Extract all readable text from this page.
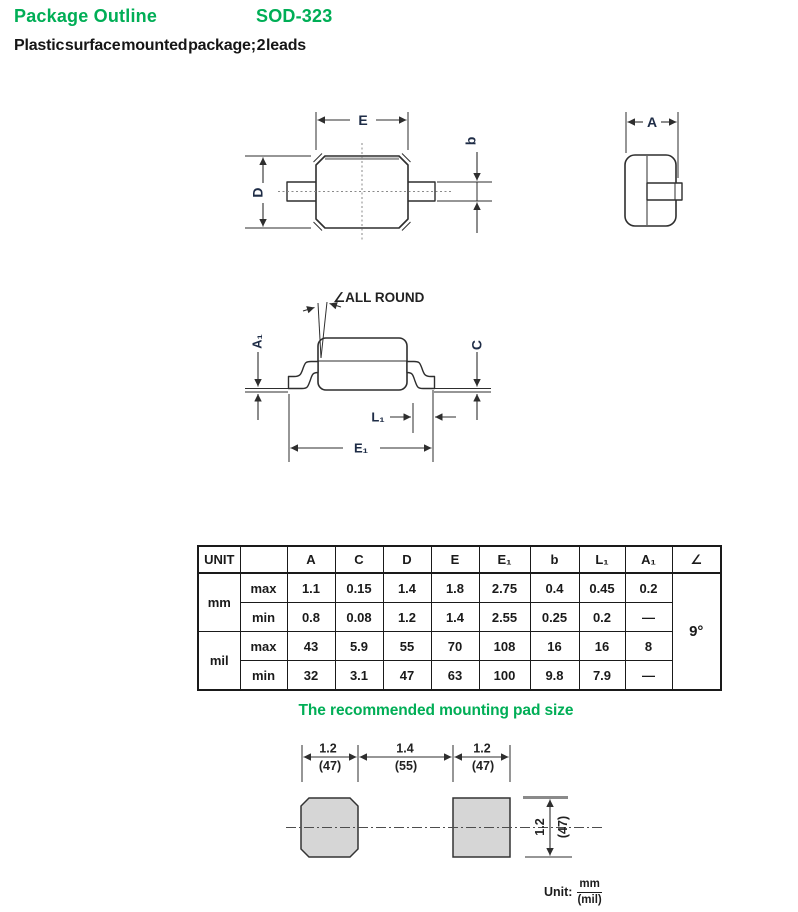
Package Outline	SOD-323
Plastic surface mounted package; 2 leads
E
D
b
A
∠ALL ROUND
A₁	C
L₁
E₁
1.2
(47)
1.4
(55)
1.2
(47)
1.2 (47)
UNIT		A	C	D	E	E₁	b	L₁	A₁	∠
mm	max	1.1	0.15	1.4	1.8	2.75	0.4	0.45	0.2	9°
	min	0.8	0.08	1.2	1.4	2.55	0.25	0.2	—	
mil	max	43	5.9	55	70	108	16	16	8	
	min	32	3.1	47	63	100	9.8	7.9	—	
The recommended mounting pad size
Unit: $\frac{mm}{\text{(mil)}}$
